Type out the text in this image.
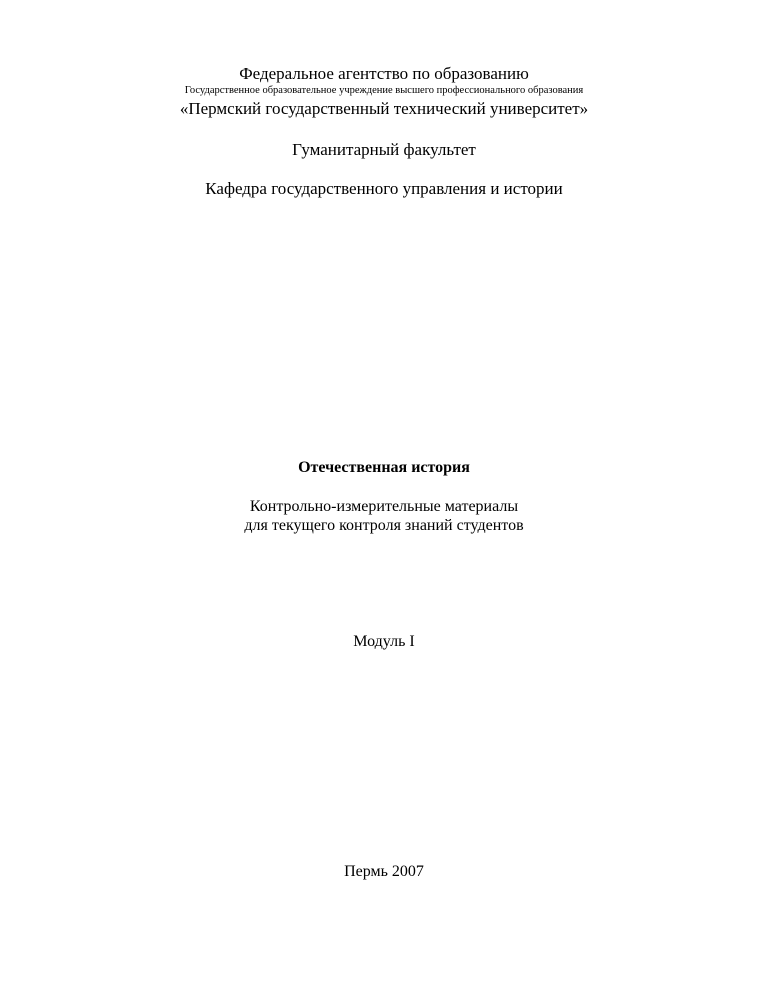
Федеральное агентство по образованию
Государственное образовательное учреждение высшего профессионального образования
«Пермский государственный технический университет»
Гуманитарный факультет
Кафедра государственного управления и истории
Отечественная история
Контрольно-измерительные материалы
для текущего контроля знаний студентов
Модуль I
Пермь 2007
